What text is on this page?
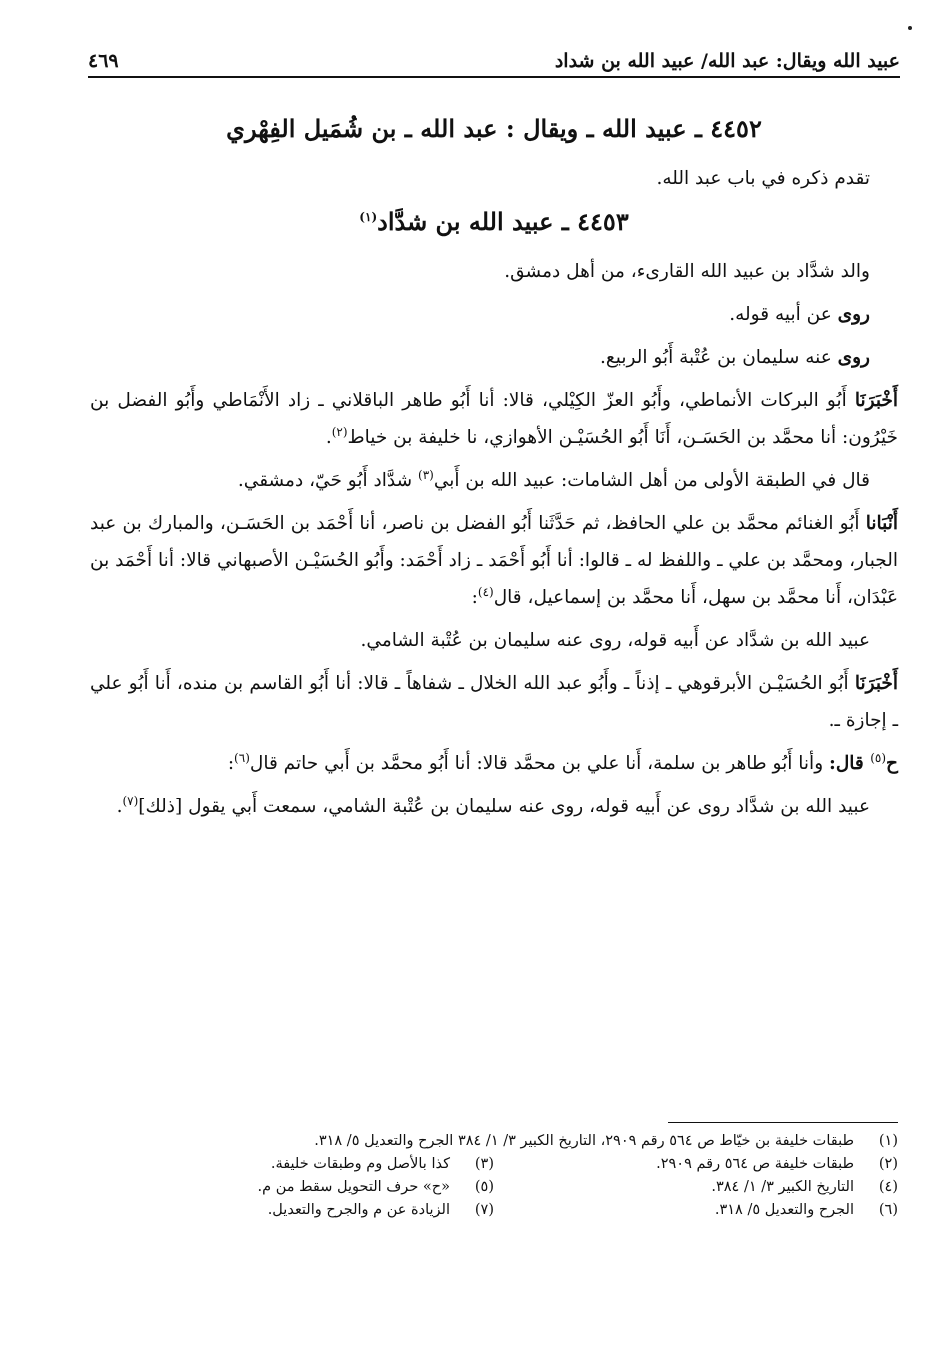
عبيد الله ويقال: عبد الله/ عبيد الله بن شداد
٤٦٩
٤٤٥٢ ـ عبيد الله ـ ويقال : عبد الله ـ بن شُمَيل الفِهْري

تقدم ذكره في باب عبد الله.

٤٤٥٣ ـ عبيد الله بن شدَّاد$^{(١)}$

والد شدَّاد بن عبيد الله القارىء، من أهل دمشق.

روى عن أبيه قوله.

روى عنه سليمان بن عُتْبة أَبُو الربيع.

أَخْبَرَنَا أَبُو البركات الأنماطي، وأَبُو العزّ الكِيْلي، قالا: أنا أَبُو طاهر الباقلاني ـ زاد الأَنْمَاطي وأَبُو الفضل بن خَيْرُون: أنا محمَّد بن الحَسَـن، أَنَا أَبُو الحُسَيْـن الأهوازي، نا خليفة بن خياط$^{(٢)}$.

قال في الطبقة الأولى من أهل الشامات: عبيد الله بن أَبي$^{(٣)}$ شدَّاد أَبُو حَيّ، دمشقي.

أَنْبَانا أَبُو الغنائم محمَّد بن علي الحافظ، ثم حَدَّثَنا أَبُو الفضل بن ناصر، أنا أَحْمَد بن الحَسَـن، والمبارك بن عبد الجبار، ومحمَّد بن علي ـ واللفظ له ـ قالوا: أنا أَبُو أَحْمَد ـ زاد أَحْمَد: وأَبُو الحُسَيْـن الأصبهاني قالا: أنا أَحْمَد بن عَبْدَان، أَنا محمَّد بن سهل، أَنا محمَّد بن إسماعيل، قال$^{(٤)}$:

عبيد الله بن شدَّاد عن أَبيه قوله، روى عنه سليمان بن عُتْبة الشامي.

أَخْبَرَنَا أَبُو الحُسَيْـن الأبرقوهي ـ إذناً ـ وأَبُو عبد الله الخلال ـ شفاهاً ـ قالا: أنا أَبُو القاسم بن منده، أَنا أَبُو علي ـ إجازة ـ.

ح$^{(٥)}$ قال: وأنا أَبُو طاهر بن سلمة، أَنا علي بن محمَّد قالا: أنا أَبُو محمَّد بن أَبي حاتم قال$^{(٦)}$:

عبيد الله بن شدَّاد روى عن أَبيه قوله، روى عنه سليمان بن عُتْبة الشامي، سمعت أَبي يقول [ذلك]$^{(٧)}$.

(١)
طبقات خليفة بن خيّاط ص ٥٦٤ رقم ٢٩٠٩، التاريخ الكبير ٣/ ١/ ٣٨٤ الجرح والتعديل ٥/ ٣١٨.
(٢)
طبقات خليفة ص ٥٦٤ رقم ٢٩٠٩.
(٣)
كذا بالأصل وم وطبقات خليفة.
(٤)
التاريخ الكبير ٣/ ١/ ٣٨٤.
(٥)
«ح» حرف التحويل سقط من م.
(٦)
الجرح والتعديل ٥/ ٣١٨.
(٧)
الزيادة عن م والجرح والتعديل.
